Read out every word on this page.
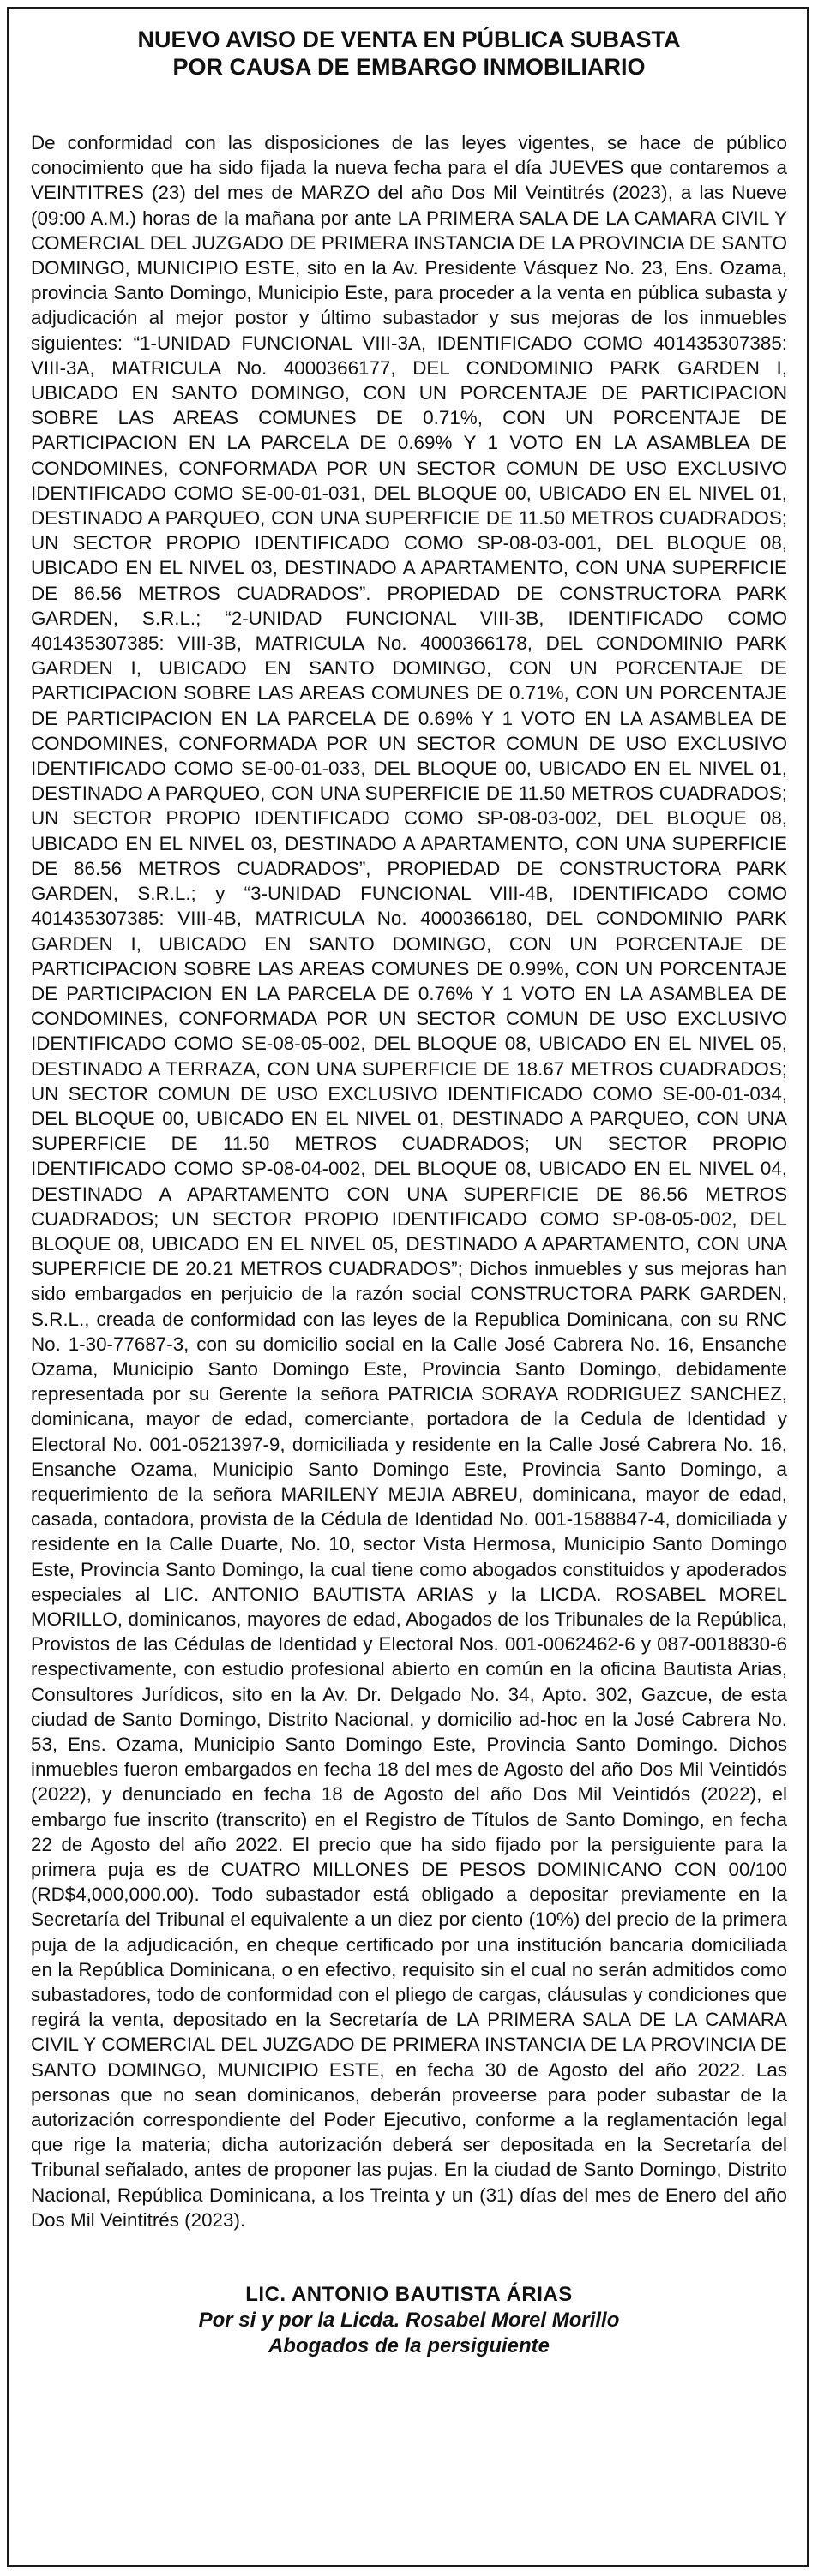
NUEVO AVISO DE VENTA EN PÚBLICA SUBASTA
POR CAUSA DE EMBARGO INMOBILIARIO

De conformidad con las disposiciones de las leyes vigentes, se hace de público conocimiento que ha sido fijada la nueva fecha para el día JUEVES que contaremos a VEINTITRES (23) del mes de MARZO del año Dos Mil Veintitrés (2023), a las Nueve (09:00 A.M.) horas de la mañana por ante LA PRIMERA SALA DE LA CAMARA CIVIL Y COMERCIAL DEL JUZGADO DE PRIMERA INSTANCIA DE LA PROVINCIA DE SANTO DOMINGO, MUNICIPIO ESTE, sito en la Av. Presidente Vásquez No. 23, Ens. Ozama, provincia Santo Domingo, Municipio Este, para proceder a la venta en pública subasta y adjudicación al mejor postor y último subastador y sus mejoras de los inmuebles siguientes: “1-UNIDAD FUNCIONAL VIII-3A, IDENTIFICADO COMO 401435307385: VIII-3A, MATRICULA No. 4000366177, DEL CONDOMINIO PARK GARDEN I, UBICADO EN SANTO DOMINGO, CON UN PORCENTAJE DE PARTICIPACION SOBRE LAS AREAS COMUNES DE 0.71%, CON UN PORCENTAJE DE PARTICIPACION EN LA PARCELA DE 0.69% Y 1 VOTO EN LA ASAMBLEA DE CONDOMINES, CONFORMADA POR UN SECTOR COMUN DE USO EXCLUSIVO IDENTIFICADO COMO SE-00-01-031, DEL BLOQUE 00, UBICADO EN EL NIVEL 01, DESTINADO A PARQUEO, CON UNA SUPERFICIE DE 11.50 METROS CUADRADOS; UN SECTOR PROPIO IDENTIFICADO COMO SP-08-03-001, DEL BLOQUE 08, UBICADO EN EL NIVEL 03, DESTINADO A APARTAMENTO, CON UNA SUPERFICIE DE 86.56 METROS CUADRADOS”. PROPIEDAD DE CONSTRUCTORA PARK GARDEN, S.R.L.; “2-UNIDAD FUNCIONAL VIII-3B, IDENTIFICADO COMO 401435307385: VIII-3B, MATRICULA No. 4000366178, DEL CONDOMINIO PARK GARDEN I, UBICADO EN SANTO DOMINGO, CON UN PORCENTAJE DE PARTICIPACION SOBRE LAS AREAS COMUNES DE 0.71%, CON UN PORCENTAJE DE PARTICIPACION EN LA PARCELA DE 0.69% Y 1 VOTO EN LA ASAMBLEA DE CONDOMINES, CONFORMADA POR UN SECTOR COMUN DE USO EXCLUSIVO IDENTIFICADO COMO SE-00-01-033, DEL BLOQUE 00, UBICADO EN EL NIVEL 01, DESTINADO A PARQUEO, CON UNA SUPERFICIE DE 11.50 METROS CUADRADOS; UN SECTOR PROPIO IDENTIFICADO COMO SP-08-03-002, DEL BLOQUE 08, UBICADO EN EL NIVEL 03, DESTINADO A APARTAMENTO, CON UNA SUPERFICIE DE 86.56 METROS CUADRADOS”, PROPIEDAD DE CONSTRUCTORA PARK GARDEN, S.R.L.; y “3-UNIDAD FUNCIONAL VIII-4B, IDENTIFICADO COMO 401435307385: VIII-4B, MATRICULA No. 4000366180, DEL CONDOMINIO PARK GARDEN I, UBICADO EN SANTO DOMINGO, CON UN PORCENTAJE DE PARTICIPACION SOBRE LAS AREAS COMUNES DE 0.99%, CON UN PORCENTAJE DE PARTICIPACION EN LA PARCELA DE 0.76% Y 1 VOTO EN LA ASAMBLEA DE CONDOMINES, CONFORMADA POR UN SECTOR COMUN DE USO EXCLUSIVO IDENTIFICADO COMO SE-08-05-002, DEL BLOQUE 08, UBICADO EN EL NIVEL 05, DESTINADO A TERRAZA, CON UNA SUPERFICIE DE 18.67 METROS CUADRADOS; UN SECTOR COMUN DE USO EXCLUSIVO IDENTIFICADO COMO SE-00-01-034, DEL BLOQUE 00, UBICADO EN EL NIVEL 01, DESTINADO A PARQUEO, CON UNA SUPERFICIE DE 11.50 METROS CUADRADOS; UN SECTOR PROPIO IDENTIFICADO COMO SP-08-04-002, DEL BLOQUE 08, UBICADO EN EL NIVEL 04, DESTINADO A APARTAMENTO CON UNA SUPERFICIE DE 86.56 METROS CUADRADOS; UN SECTOR PROPIO IDENTIFICADO COMO SP-08-05-002, DEL BLOQUE 08, UBICADO EN EL NIVEL 05, DESTINADO A APARTAMENTO, CON UNA SUPERFICIE DE 20.21 METROS CUADRADOS”; Dichos inmuebles y sus mejoras han sido embargados en perjuicio de la razón social CONSTRUCTORA PARK GARDEN, S.R.L., creada de conformidad con las leyes de la Republica Dominicana, con su RNC No. 1-30-77687-3, con su domicilio social en la Calle José Cabrera No. 16, Ensanche Ozama, Municipio Santo Domingo Este, Provincia Santo Domingo, debidamente representada por su Gerente la señora PATRICIA SORAYA RODRIGUEZ SANCHEZ, dominicana, mayor de edad, comerciante, portadora de la Cedula de Identidad y Electoral No. 001-0521397-9, domiciliada y residente en la Calle José Cabrera No. 16, Ensanche Ozama, Municipio Santo Domingo Este, Provincia Santo Domingo, a requerimiento de la señora MARILENY MEJIA ABREU, dominicana, mayor de edad, casada, contadora, provista de la Cédula de Identidad No. 001-1588847-4, domiciliada y residente en la Calle Duarte, No. 10, sector Vista Hermosa, Municipio Santo Domingo Este, Provincia Santo Domingo, la cual tiene como abogados constituidos y apoderados especiales al LIC. ANTONIO BAUTISTA ARIAS y la LICDA. ROSABEL MOREL MORILLO, dominicanos, mayores de edad, Abogados de los Tribunales de la República, Provistos de las Cédulas de Identidad y Electoral Nos. 001-0062462-6 y 087-0018830-6 respectivamente, con estudio profesional abierto en común en la oficina Bautista Arias, Consultores Jurídicos, sito en la Av. Dr. Delgado No. 34, Apto. 302, Gazcue, de esta ciudad de Santo Domingo, Distrito Nacional, y domicilio ad-hoc en la José Cabrera No. 53, Ens. Ozama, Municipio Santo Domingo Este, Provincia Santo Domingo. Dichos inmuebles fueron embargados en fecha 18 del mes de Agosto del año Dos Mil Veintidós (2022), y denunciado en fecha 18 de Agosto del año Dos Mil Veintidós (2022), el embargo fue inscrito (transcrito) en el Registro de Títulos de Santo Domingo, en fecha 22 de Agosto del año 2022. El precio que ha sido fijado por la persiguiente para la primera puja es de CUATRO MILLONES DE PESOS DOMINICANO CON 00/100 (RD$4,000,000.00). Todo subastador está obligado a depositar previamente en la Secretaría del Tribunal el equivalente a un diez por ciento (10%) del precio de la primera puja de la adjudicación, en cheque certificado por una institución bancaria domiciliada en la República Dominicana, o en efectivo, requisito sin el cual no serán admitidos como subastadores, todo de conformidad con el pliego de cargas, cláusulas y condiciones que regirá la venta, depositado en la Secretaría de LA PRIMERA SALA DE LA CAMARA CIVIL Y COMERCIAL DEL JUZGADO DE PRIMERA INSTANCIA DE LA PROVINCIA DE SANTO DOMINGO, MUNICIPIO ESTE, en fecha 30 de Agosto del año 2022. Las personas que no sean dominicanos, deberán proveerse para poder subastar de la autorización correspondiente del Poder Ejecutivo, conforme a la reglamentación legal que rige la materia; dicha autorización deberá ser depositada en la Secretaría del Tribunal señalado, antes de proponer las pujas. En la ciudad de Santo Domingo, Distrito Nacional, República Dominicana, a los Treinta y un (31) días del mes de Enero del año Dos Mil Veintitrés (2023).

LIC. ANTONIO BAUTISTA ÁRIAS
Por si y por la Licda. Rosabel Morel Morillo
Abogados de la persiguiente
